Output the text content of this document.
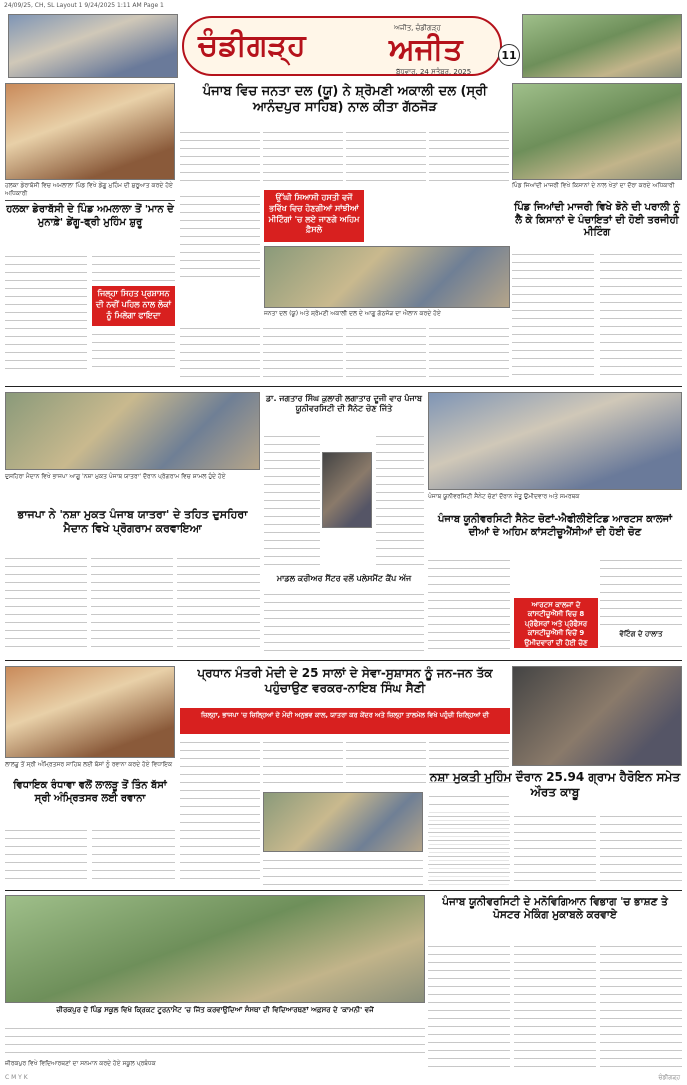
24/09/25, CH, SL Layout 1 9/24/2025 1:11 AM Page 1
ਚੰਡੀਗੜ੍ਹ	ਅਜੀਤ, ਚੰਡੀਗੜ੍ਹ
ਅਜੀਤ
ਬੁੱਧਵਾਰ, 24 ਸਤੰਬਰ, 2025
11
ਹਲਕਾ ਡੇਰਾਬੱਸੀ ਵਿਚ ਅਮਲਾਲਾ ਪਿੰਡ ਵਿਖੇ ਡੇਂਗੂ ਮੁਹਿੰਮ ਦੀ ਸ਼ੁਰੂਆਤ ਕਰਦੇ ਹੋਏ ਅਧਿਕਾਰੀ
ਹਲਕਾ ਡੇਰਾਬੱਸੀ ਦੇ ਪਿੰਡ ਅਮਲਾਲਾ ਤੋਂ 'ਮਾਨ ਦੇ ਮੁਨਾਫ਼ੇ' ਡੇਂਗੂ-ਫ੍ਰੀ ਮੁਹਿੰਮ ਸ਼ੁਰੂ
ਜਿਲ੍ਹਾ ਸਿਹਤ ਪ੍ਰਸ਼ਾਸਨ ਦੀ ਨਵੀਂ ਪਹਿਲ ਨਾਲ ਲੋਕਾਂ ਨੂੰ ਮਿਲੇਗਾ ਫਾਇਦਾ
ਪੰਜਾਬ ਵਿਚ ਜਨਤਾ ਦਲ (ਯੂ) ਨੇ ਸ਼੍ਰੋਮਣੀ ਅਕਾਲੀ ਦਲ (ਸ੍ਰੀ ਆਨੰਦਪੁਰ ਸਾਹਿਬ) ਨਾਲ ਕੀਤਾ ਗੱਠਜੋੜ
ਉੱਘੀ ਸਿਆਸੀ ਹਸਤੀ ਵਜੋਂ ਭਵਿੱਖ ਵਿਚ ਹੋਣਗੀਆਂ ਸਾਂਝੀਆਂ ਮੀਟਿੰਗਾਂ 'ਚ ਲਏ ਜਾਣਗੇ ਅਹਿਮ ਫ਼ੈਸਲੇ
ਜਨਤਾ ਦਲ (ਯੂ) ਅਤੇ ਸ਼੍ਰੋਮਣੀ ਅਕਾਲੀ ਦਲ ਦੇ ਆਗੂ ਗੱਠਜੋੜ ਦਾ ਐਲਾਨ ਕਰਦੇ ਹੋਏ
ਪਿੰਡ ਜਿਆਂਦੀ ਮਾਜਰੀ ਵਿਖੇ ਕਿਸਾਨਾਂ ਦੇ ਨਾਲ ਖੇਤਾਂ ਦਾ ਦੌਰਾ ਕਰਦੇ ਅਧਿਕਾਰੀ
ਪਿੰਡ ਜਿਆਂਦੀ ਮਾਜਰੀ ਵਿਖੇ ਝੋਨੇ ਦੀ ਪਰਾਲੀ ਨੂੰ ਲੈ ਕੇ ਕਿਸਾਨਾਂ ਦੇ ਪੰਚਾਇਤਾਂ ਦੀ ਹੋਈ ਤਰਜੀਹੀ ਮੀਟਿੰਗ
ਦੁਸਹਿਰਾ ਮੈਦਾਨ ਵਿਖੇ ਭਾਜਪਾ ਆਗੂ 'ਨਸ਼ਾ ਮੁਕਤ ਪੰਜਾਬ ਯਾਤਰਾ' ਦੌਰਾਨ ਪ੍ਰੋਗਰਾਮ ਵਿਚ ਸ਼ਾਮਲ ਹੁੰਦੇ ਹੋਏ
ਭਾਜਪਾ ਨੇ 'ਨਸ਼ਾ ਮੁਕਤ ਪੰਜਾਬ ਯਾਤਰਾ' ਦੇ ਤਹਿਤ ਦੁਸਹਿਰਾ ਮੈਦਾਨ ਵਿਖੇ ਪ੍ਰੋਗਰਾਮ ਕਰਵਾਇਆ
ਡਾ. ਜਗਤਾਰ ਸਿੰਘ ਕੁਲਾਰੀ ਲਗਾਤਾਰ ਦੂਜੀ ਵਾਰ ਪੰਜਾਬ ਯੂਨੀਵਰਸਿਟੀ ਦੀ ਸੈਨੇਟ ਚੋਣ ਜਿੱਤੇ
ਮਾਡਲ ਕਰੀਅਰ ਸੈਂਟਰ ਵਲੋਂ ਪਲੇਸਮੈਂਟ ਕੈਂਪ ਅੱਜ
ਪੰਜਾਬ ਯੂਨੀਵਰਸਿਟੀ ਸੈਨੇਟ ਚੋਣਾਂ ਦੌਰਾਨ ਜੇਤੂ ਉਮੀਦਵਾਰ ਅਤੇ ਸਮਰਥਕ
ਪੰਜਾਬ ਯੂਨੀਵਰਸਿਟੀ ਸੈਨੇਟ ਚੋਣਾਂ-ਐਫੀਲੀਏਟਿਡ ਆਰਟਸ ਕਾਲਜਾਂ ਦੀਆਂ ਦੇ ਅਹਿਮ ਕਾਂਸਟੀਚੂਐਂਸੀਆਂ ਦੀ ਹੋਈ ਚੋਣ
ਆਰਟਸ ਕਾਲਜਾਂ ਦੇ ਕਾਂਸਟੀਚੂਐਂਸੀ ਵਿਚ 8 ਪ੍ਰੋਫੈਸਰਾਂ ਅਤੇ ਪ੍ਰੋਫੈਸਰ ਕਾਂਸਟੀਚੂਐਂਸੀ ਵਿਚੋਂ 9 ਉਮੀਦਵਾਰਾਂ ਦੀ ਹੋਈ ਚੋਣ
ਵੋਟਿੰਗ ਦੇ ਹਾਲਾਤ
ਲਾਲੜੂ ਤੋਂ ਸ੍ਰੀ ਅੰਮ੍ਰਿਤਸਰ ਸਾਹਿਬ ਲਈ ਬੱਸਾਂ ਨੂੰ ਰਵਾਨਾ ਕਰਦੇ ਹੋਏ ਵਿਧਾਇਕ
ਵਿਧਾਇਕ ਰੰਧਾਵਾ ਵਲੋਂ ਲਾਲੜੂ ਤੋਂ ਤਿੰਨ ਬੱਸਾਂ ਸ੍ਰੀ ਅੰਮ੍ਰਿਤਸਰ ਲਈ ਰਵਾਨਾ
ਪ੍ਰਧਾਨ ਮੰਤਰੀ ਮੋਦੀ ਦੇ 25 ਸਾਲਾਂ ਦੇ ਸੇਵਾ-ਸੁਸ਼ਾਸਨ ਨੂੰ ਜਨ-ਜਨ ਤੱਕ ਪਹੁੰਚਾਉਣ ਵਰਕਰ-ਨਾਇਬ ਸਿੰਘ ਸੈਣੀ
ਜ਼ਿਲ੍ਹਾ, ਭਾਜਪਾ 'ਚ ਜ਼ਿਲ੍ਹਿਆਂ ਦੇ ਮੋਦੀ ਅਨੁਭਵ ਕਾਲ, ਯਾਤਰਾ ਕਰ ਕੇਂਦਰ ਅਤੇ ਜ਼ਿਲ੍ਹਾ ਤਾਲਮੇਲ ਵਿਖੇ ਪਹੁੰਚੀ ਜ਼ਿਲ੍ਹਿਆਂ ਦੀ
ਨਸ਼ਾ ਮੁਕਤੀ ਮੁਹਿੰਮ ਦੌਰਾਨ 25.94 ਗ੍ਰਾਮ ਹੈਰੋਇਨ ਸਮੇਤ ਔਰਤ ਕਾਬੂ
ਜ਼ੀਰਕਪੁਰ ਦੇ ਪਿੰਡ ਸਕੂਲ ਵਿਖੇ ਕ੍ਰਿਕਟ ਟੂਰਨਾਮੈਂਟ 'ਚ ਜਿੱਤ ਕਰਵਾਉਂਦਿਆਂ ਸੰਸਥਾ ਦੀ ਵਿਦਿਆਰਥਣਾਂ ਅਫ਼ਸਰ ਦੇ 'ਕਾਮਨੀ' ਵਜੋਂ
ਜ਼ੀਰਕਪੁਰ ਵਿਖੇ ਵਿਦਿਆਰਥਣਾਂ ਦਾ ਸਨਮਾਨ ਕਰਦੇ ਹੋਏ ਸਕੂਲ ਪ੍ਰਬੰਧਕ
ਪੰਜਾਬ ਯੂਨੀਵਰਸਿਟੀ ਦੇ ਮਨੋਵਿਗਿਆਨ ਵਿਭਾਗ 'ਚ ਭਾਸ਼ਣ ਤੇ ਪੋਸਟਰ ਮੇਕਿੰਗ ਮੁਕਾਬਲੇ ਕਰਵਾਏ
C M Y K	ਚੰਡੀਗੜ੍ਹ
